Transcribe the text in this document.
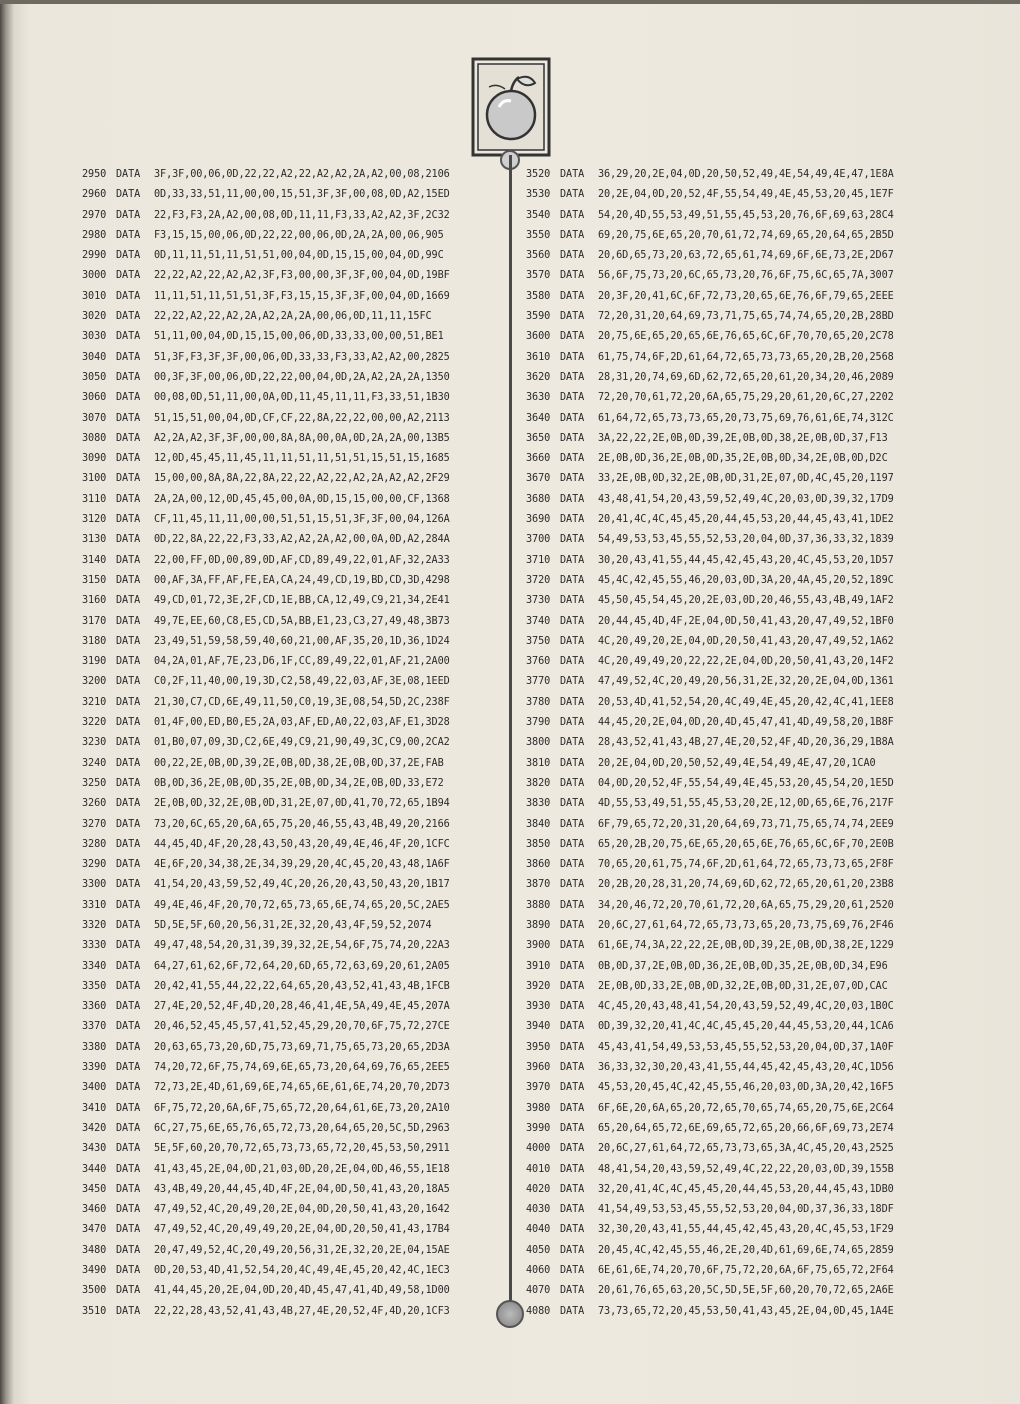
2950 DATA 3F,3F,00,06,0D,22,22,A2,22,A2,A2,2A,A2,00,08,2106
2960 DATA 0D,33,33,51,11,00,00,15,51,3F,3F,00,08,0D,A2,15ED
2970 DATA 22,F3,F3,2A,A2,00,08,0D,11,11,F3,33,A2,A2,3F,2C32
2980 DATA F3,15,15,00,06,0D,22,22,00,06,0D,2A,2A,00,06,905
2990 DATA 0D,11,11,51,11,51,51,00,04,0D,15,15,00,04,0D,99C
3000 DATA 22,22,A2,22,A2,A2,3F,F3,00,00,3F,3F,00,04,0D,19BF
3010 DATA 11,11,51,11,51,51,3F,F3,15,15,3F,3F,00,04,0D,1669
3020 DATA 22,22,A2,22,A2,2A,A2,2A,2A,00,06,0D,11,11,15FC
3030 DATA 51,11,00,04,0D,15,15,00,06,0D,33,33,00,00,51,BE1
3040 DATA 51,3F,F3,3F,3F,00,06,0D,33,33,F3,33,A2,A2,00,2825
3050 DATA 00,3F,3F,00,06,0D,22,22,00,04,0D,2A,A2,2A,2A,1350
3060 DATA 00,08,0D,51,11,00,0A,0D,11,45,11,11,F3,33,51,1B30
3070 DATA 51,15,51,00,04,0D,CF,CF,22,8A,22,22,00,00,A2,2113
3080 DATA A2,2A,A2,3F,3F,00,00,8A,8A,00,0A,0D,2A,2A,00,13B5
3090 DATA 12,0D,45,45,11,45,11,11,51,11,51,51,15,51,15,1685
3100 DATA 15,00,00,8A,8A,22,8A,22,22,A2,22,A2,2A,A2,A2,2F29
3110 DATA 2A,2A,00,12,0D,45,45,00,0A,0D,15,15,00,00,CF,1368
3120 DATA CF,11,45,11,11,00,00,51,51,15,51,3F,3F,00,04,126A
3130 DATA 0D,22,8A,22,22,F3,33,A2,A2,2A,A2,00,0A,0D,A2,284A
3140 DATA 22,00,FF,0D,00,89,0D,AF,CD,89,49,22,01,AF,32,2A33
3150 DATA 00,AF,3A,FF,AF,FE,EA,CA,24,49,CD,19,BD,CD,3D,4298
3160 DATA 49,CD,01,72,3E,2F,CD,1E,BB,CA,12,49,C9,21,34,2E41
3170 DATA 49,7E,EE,60,C8,E5,CD,5A,BB,E1,23,C3,27,49,48,3B73
3180 DATA 23,49,51,59,58,59,40,60,21,00,AF,35,20,1D,36,1D24
3190 DATA 04,2A,01,AF,7E,23,D6,1F,CC,89,49,22,01,AF,21,2A00
3200 DATA C0,2F,11,40,00,19,3D,C2,58,49,22,03,AF,3E,08,1EED
3210 DATA 21,30,C7,CD,6E,49,11,50,C0,19,3E,08,54,5D,2C,238F
3220 DATA 01,4F,00,ED,B0,E5,2A,03,AF,ED,A0,22,03,AF,E1,3D28
3230 DATA 01,B0,07,09,3D,C2,6E,49,C9,21,90,49,3C,C9,00,2CA2
3240 DATA 00,22,2E,0B,0D,39,2E,0B,0D,38,2E,0B,0D,37,2E,FAB
3250 DATA 0B,0D,36,2E,0B,0D,35,2E,0B,0D,34,2E,0B,0D,33,E72
3260 DATA 2E,0B,0D,32,2E,0B,0D,31,2E,07,0D,41,70,72,65,1B94
3270 DATA 73,20,6C,65,20,6A,65,75,20,46,55,43,4B,49,20,2166
3280 DATA 44,45,4D,4F,20,28,43,50,43,20,49,4E,46,4F,20,1CFC
3290 DATA 4E,6F,20,34,38,2E,34,39,29,20,4C,45,20,43,48,1A6F
3300 DATA 41,54,20,43,59,52,49,4C,20,26,20,43,50,43,20,1B17
3310 DATA 49,4E,46,4F,20,70,72,65,73,65,6E,74,65,20,5C,2AE5
3320 DATA 5D,5E,5F,60,20,56,31,2E,32,20,43,4F,59,52,2074
3330 DATA 49,47,48,54,20,31,39,39,32,2E,54,6F,75,74,20,22A3
3340 DATA 64,27,61,62,6F,72,64,20,6D,65,72,63,69,20,61,2A05
3350 DATA 20,42,41,55,44,22,22,64,65,20,43,52,41,43,4B,1FCB
3360 DATA 27,4E,20,52,4F,4D,20,28,46,41,4E,5A,49,4E,45,207A
3370 DATA 20,46,52,45,45,57,41,52,45,29,20,70,6F,75,72,27CE
3380 DATA 20,63,65,73,20,6D,75,73,69,71,75,65,73,20,65,2D3A
3390 DATA 74,20,72,6F,75,74,69,6E,65,73,20,64,69,76,65,2EE5
3400 DATA 72,73,2E,4D,61,69,6E,74,65,6E,61,6E,74,20,70,2D73
3410 DATA 6F,75,72,20,6A,6F,75,65,72,20,64,61,6E,73,20,2A10
3420 DATA 6C,27,75,6E,65,76,65,72,73,20,64,65,20,5C,5D,2963
3430 DATA 5E,5F,60,20,70,72,65,73,73,65,72,20,45,53,50,2911
3440 DATA 41,43,45,2E,04,0D,21,03,0D,20,2E,04,0D,46,55,1E18
3450 DATA 43,4B,49,20,44,45,4D,4F,2E,04,0D,50,41,43,20,18A5
3460 DATA 47,49,52,4C,20,49,20,2E,04,0D,20,50,41,43,20,1642
3470 DATA 47,49,52,4C,20,49,49,20,2E,04,0D,20,50,41,43,17B4
3480 DATA 20,47,49,52,4C,20,49,20,56,31,2E,32,20,2E,04,15AE
3490 DATA 0D,20,53,4D,41,52,54,20,4C,49,4E,45,20,42,4C,1EC3
3500 DATA 41,44,45,20,2E,04,0D,20,4D,45,47,41,4D,49,58,1D00
3510 DATA 22,22,28,43,52,41,43,4B,27,4E,20,52,4F,4D,20,1CF3
3520 DATA 36,29,20,2E,04,0D,20,50,52,49,4E,54,49,4E,47,1E8A
3530 DATA 20,2E,04,0D,20,52,4F,55,54,49,4E,45,53,20,45,1E7F
3540 DATA 54,20,4D,55,53,49,51,55,45,53,20,76,6F,69,63,28C4
3550 DATA 69,20,75,6E,65,20,70,61,72,74,69,65,20,64,65,2B5D
3560 DATA 20,6D,65,73,20,63,72,65,61,74,69,6F,6E,73,2E,2D67
3570 DATA 56,6F,75,73,20,6C,65,73,20,76,6F,75,6C,65,7A,3007
3580 DATA 20,3F,20,41,6C,6F,72,73,20,65,6E,76,6F,79,65,2EEE
3590 DATA 72,20,31,20,64,69,73,71,75,65,74,74,65,20,2B,28BD
3600 DATA 20,75,6E,65,20,65,6E,76,65,6C,6F,70,70,65,20,2C78
3610 DATA 61,75,74,6F,2D,61,64,72,65,73,73,65,20,2B,20,2568
3620 DATA 28,31,20,74,69,6D,62,72,65,20,61,20,34,20,46,2089
3630 DATA 72,20,70,61,72,20,6A,65,75,29,20,61,20,6C,27,2202
3640 DATA 61,64,72,65,73,73,65,20,73,75,69,76,61,6E,74,312C
3650 DATA 3A,22,22,2E,0B,0D,39,2E,0B,0D,38,2E,0B,0D,37,F13
3660 DATA 2E,0B,0D,36,2E,0B,0D,35,2E,0B,0D,34,2E,0B,0D,D2C
3670 DATA 33,2E,0B,0D,32,2E,0B,0D,31,2E,07,0D,4C,45,20,1197
3680 DATA 43,48,41,54,20,43,59,52,49,4C,20,03,0D,39,32,17D9
3690 DATA 20,41,4C,4C,45,45,20,44,45,53,20,44,45,43,41,1DE2
3700 DATA 54,49,53,53,45,55,52,53,20,04,0D,37,36,33,32,1839
3710 DATA 30,20,43,41,55,44,45,42,45,43,20,4C,45,53,20,1D57
3720 DATA 45,4C,42,45,55,46,20,03,0D,3A,20,4A,45,20,52,189C
3730 DATA 45,50,45,54,45,20,2E,03,0D,20,46,55,43,4B,49,1AF2
3740 DATA 20,44,45,4D,4F,2E,04,0D,50,41,43,20,47,49,52,1BF0
3750 DATA 4C,20,49,20,2E,04,0D,20,50,41,43,20,47,49,52,1A62
3760 DATA 4C,20,49,49,20,22,22,2E,04,0D,20,50,41,43,20,14F2
3770 DATA 47,49,52,4C,20,49,20,56,31,2E,32,20,2E,04,0D,1361
3780 DATA 20,53,4D,41,52,54,20,4C,49,4E,45,20,42,4C,41,1EE8
3790 DATA 44,45,20,2E,04,0D,20,4D,45,47,41,4D,49,58,20,1B8F
3800 DATA 28,43,52,41,43,4B,27,4E,20,52,4F,4D,20,36,29,1B8A
3810 DATA 20,2E,04,0D,20,50,52,49,4E,54,49,4E,47,20,1CA0
3820 DATA 04,0D,20,52,4F,55,54,49,4E,45,53,20,45,54,20,1E5D
3830 DATA 4D,55,53,49,51,55,45,53,20,2E,12,0D,65,6E,76,217F
3840 DATA 6F,79,65,72,20,31,20,64,69,73,71,75,65,74,74,2EE9
3850 DATA 65,20,2B,20,75,6E,65,20,65,6E,76,65,6C,6F,70,2E0B
3860 DATA 70,65,20,61,75,74,6F,2D,61,64,72,65,73,73,65,2F8F
3870 DATA 20,2B,20,28,31,20,74,69,6D,62,72,65,20,61,20,23B8
3880 DATA 34,20,46,72,20,70,61,72,20,6A,65,75,29,20,61,2520
3890 DATA 20,6C,27,61,64,72,65,73,73,65,20,73,75,69,76,2F46
3900 DATA 61,6E,74,3A,22,22,2E,0B,0D,39,2E,0B,0D,38,2E,1229
3910 DATA 0B,0D,37,2E,0B,0D,36,2E,0B,0D,35,2E,0B,0D,34,E96
3920 DATA 2E,0B,0D,33,2E,0B,0D,32,2E,0B,0D,31,2E,07,0D,CAC
3930 DATA 4C,45,20,43,48,41,54,20,43,59,52,49,4C,20,03,1B0C
3940 DATA 0D,39,32,20,41,4C,4C,45,45,20,44,45,53,20,44,1CA6
3950 DATA 45,43,41,54,49,53,53,45,55,52,53,20,04,0D,37,1A0F
3960 DATA 36,33,32,30,20,43,41,55,44,45,42,45,43,20,4C,1D56
3970 DATA 45,53,20,45,4C,42,45,55,46,20,03,0D,3A,20,42,16F5
3980 DATA 6F,6E,20,6A,65,20,72,65,70,65,74,65,20,75,6E,2C64
3990 DATA 65,20,64,65,72,6E,69,65,72,65,20,66,6F,69,73,2E74
4000 DATA 20,6C,27,61,64,72,65,73,73,65,3A,4C,45,20,43,2525
4010 DATA 48,41,54,20,43,59,52,49,4C,22,22,20,03,0D,39,155B
4020 DATA 32,20,41,4C,4C,45,45,20,44,45,53,20,44,45,43,1DB0
4030 DATA 41,54,49,53,53,45,55,52,53,20,04,0D,37,36,33,18DF
4040 DATA 32,30,20,43,41,55,44,45,42,45,43,20,4C,45,53,1F29
4050 DATA 20,45,4C,42,45,55,46,2E,20,4D,61,69,6E,74,65,2859
4060 DATA 6E,61,6E,74,20,70,6F,75,72,20,6A,6F,75,65,72,2F64
4070 DATA 20,61,76,65,63,20,5C,5D,5E,5F,60,20,70,72,65,2A6E
4080 DATA 73,73,65,72,20,45,53,50,41,43,45,2E,04,0D,45,1A4E
